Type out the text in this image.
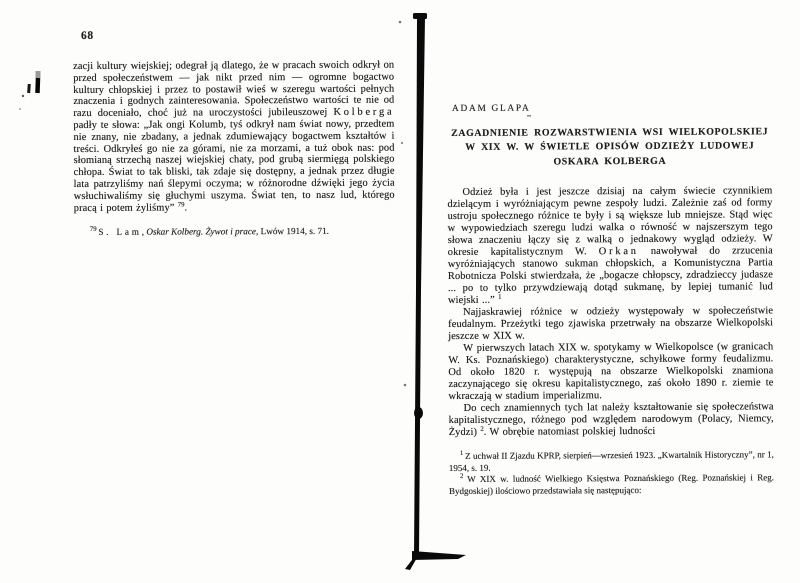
68
zacji kultury wiejskiej; odegrał ją dlatego, że w pracach swoich odkrył on przed społeczeństwem — jak nikt przed nim — ogromne bogactwo kultury chłopskiej i przez to postawił wieś w szeregu wartości pełnych znaczenia i godnych zainteresowania. Społeczeństwo wartości te nie od razu doceniało, choć już na uroczystości jubileuszowej Kolberga padły te słowa: „Jak ongi Kolumb, tyś odkrył nam świat nowy, przedtem nie znany, nie zbadany, a jednak zdumiewający bogactwem kształtów i treści. Odkryłeś go nie za górami, nie za morzami, a tuż obok nas: pod słomianą strzechą naszej wiejskiej chaty, pod grubą siermięgą polskiego chłopa. Świat to tak bliski, tak zdaje się dostępny, a jednak przez długie lata patrzyliśmy nań ślepymi oczyma; w różnorodne dźwięki jego życia wsłuchiwaliśmy się głuchymi uszyma. Świat ten, to nasz lud, którego pracą i potem żyliśmy” $^{79}$.
$^{79}$ S. Lam, Oskar Kolberg. Żywot i prace, Lwów 1914, s. 71.
ADAM GLAPA
ZAGADNIENIE ROZWARSTWIENIA WSI WIELKOPOLSKIEJ
W XIX W. W ŚWIETLE OPISÓW ODZIEŻY LUDOWEJ
OSKARA KOLBERGA

Odzież była i jest jeszcze dzisiaj na całym świecie czynnikiem dzielącym i wyróżniającym pewne zespoły ludzi. Zależnie zaś od formy ustroju społecznego różnice te były i są większe lub mniejsze. Stąd więc w wypowiedziach szeregu ludzi walka o równość w najszerszym tego słowa znaczeniu łączy się z walką o jednakowy wygląd odzieży. W okresie kapitalistycznym W. Orkan nawoływał do zrzucenia wyróżniających stanowo sukman chłopskich, a Komunistyczna Partia Robotnicza Polski stwierdzała, że „bogacze chłopscy, zdradzieccy judasze ... po to tylko przywdziewają dotąd sukmanę, by lepiej tumanić lud wiejski ...” $^1$

Najjaskrawiej różnice w odzieży występowały w społeczeństwie feudalnym. Przeżytki tego zjawiska przetrwały na obszarze Wielkopolski jeszcze w XIX w.

W pierwszych latach XIX w. spotykamy w Wielkopolsce (w granicach W. Ks. Poznańskiego) charakterystyczne, schyłkowe formy feudalizmu. Od około 1820 r. występują na obszarze Wielkopolski znamiona zaczynającego się okresu kapitalistycznego, zaś około 1890 r. ziemie te wkraczają w stadium imperializmu.

Do cech znamiennych tych lat należy kształtowanie się społeczeństwa kapitalistycznego, różnego pod względem narodowym (Polacy, Niemcy, Żydzi) $^2$. W obrębie natomiast polskiej ludności

$^1$ Z uchwał II Zjazdu KPRP, sierpień—wrzesień 1923. „Kwartalnik Historyczny”, nr 1, 1954, s. 19.

$^2$ W XIX w. ludność Wielkiego Księstwa Poznańskiego (Reg. Poznańskiej i Reg. Bydgoskiej) ilościowo przedstawiała się następująco:
